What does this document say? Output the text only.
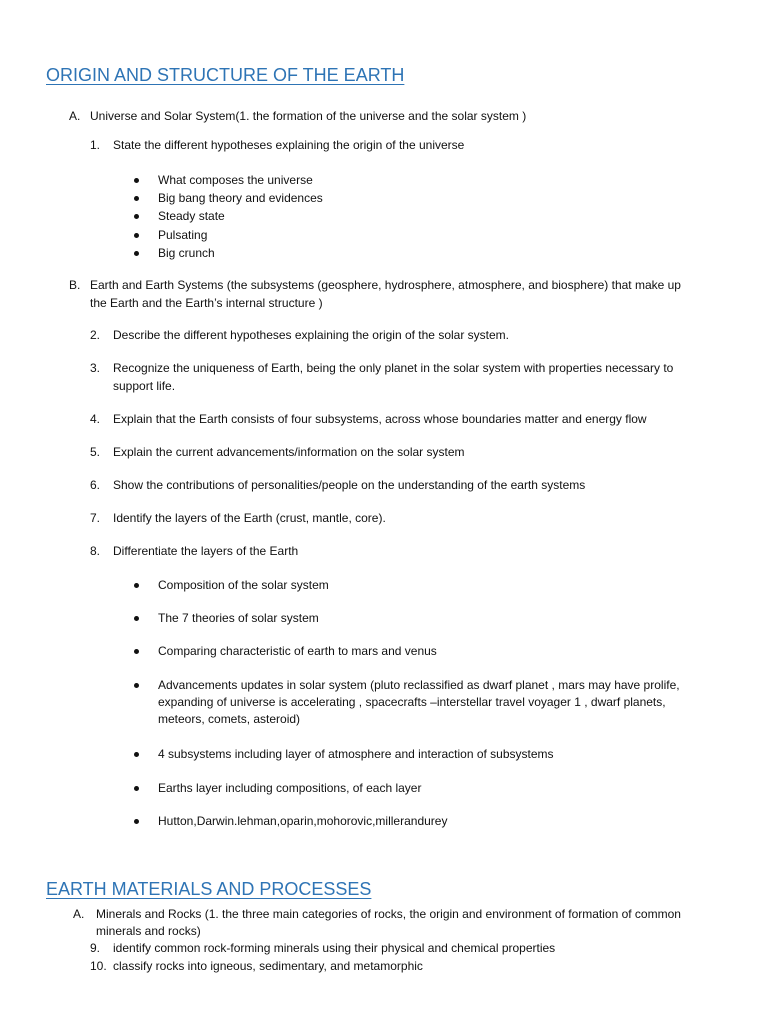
ORIGIN AND STRUCTURE OF THE EARTH
A. Universe and Solar System(1. the formation of the universe and the solar system )
1. State the different hypotheses explaining the origin of the universe
What composes the universe
Big bang theory and evidences
Steady state
Pulsating
Big crunch
B. Earth and Earth Systems (the subsystems (geosphere, hydrosphere, atmosphere, and biosphere) that make up
the Earth and the Earth’s internal structure )
2. Describe the different hypotheses explaining the origin of the solar system.
3. Recognize the uniqueness of Earth, being the only planet in the solar system with properties necessary to
support life.
4. Explain that the Earth consists of four subsystems, across whose boundaries matter and energy flow
5. Explain the current advancements/information on the solar system
6. Show the contributions of personalities/people on the understanding of the earth systems
7. Identify the layers of the Earth (crust, mantle, core).
8. Differentiate the layers of the Earth
Composition of the solar system
The 7 theories of solar system
Comparing characteristic of earth to mars and venus
Advancements updates in solar system (pluto reclassified as dwarf planet , mars may have prolife,
expanding of universe is accelerating , spacecrafts –interstellar travel voyager 1 , dwarf planets,
meteors, comets, asteroid)
4 subsystems including layer of atmosphere and interaction of subsystems
Earths layer including compositions, of each layer
Hutton,Darwin.lehman,oparin,mohorovic,millerandurey
EARTH MATERIALS AND PROCESSES
A. Minerals and Rocks (1. the three main categories of rocks, the origin and environment of formation of common
minerals and rocks)
9. identify common rock-forming minerals using their physical and chemical properties
10. classify rocks into igneous, sedimentary, and metamorphic
